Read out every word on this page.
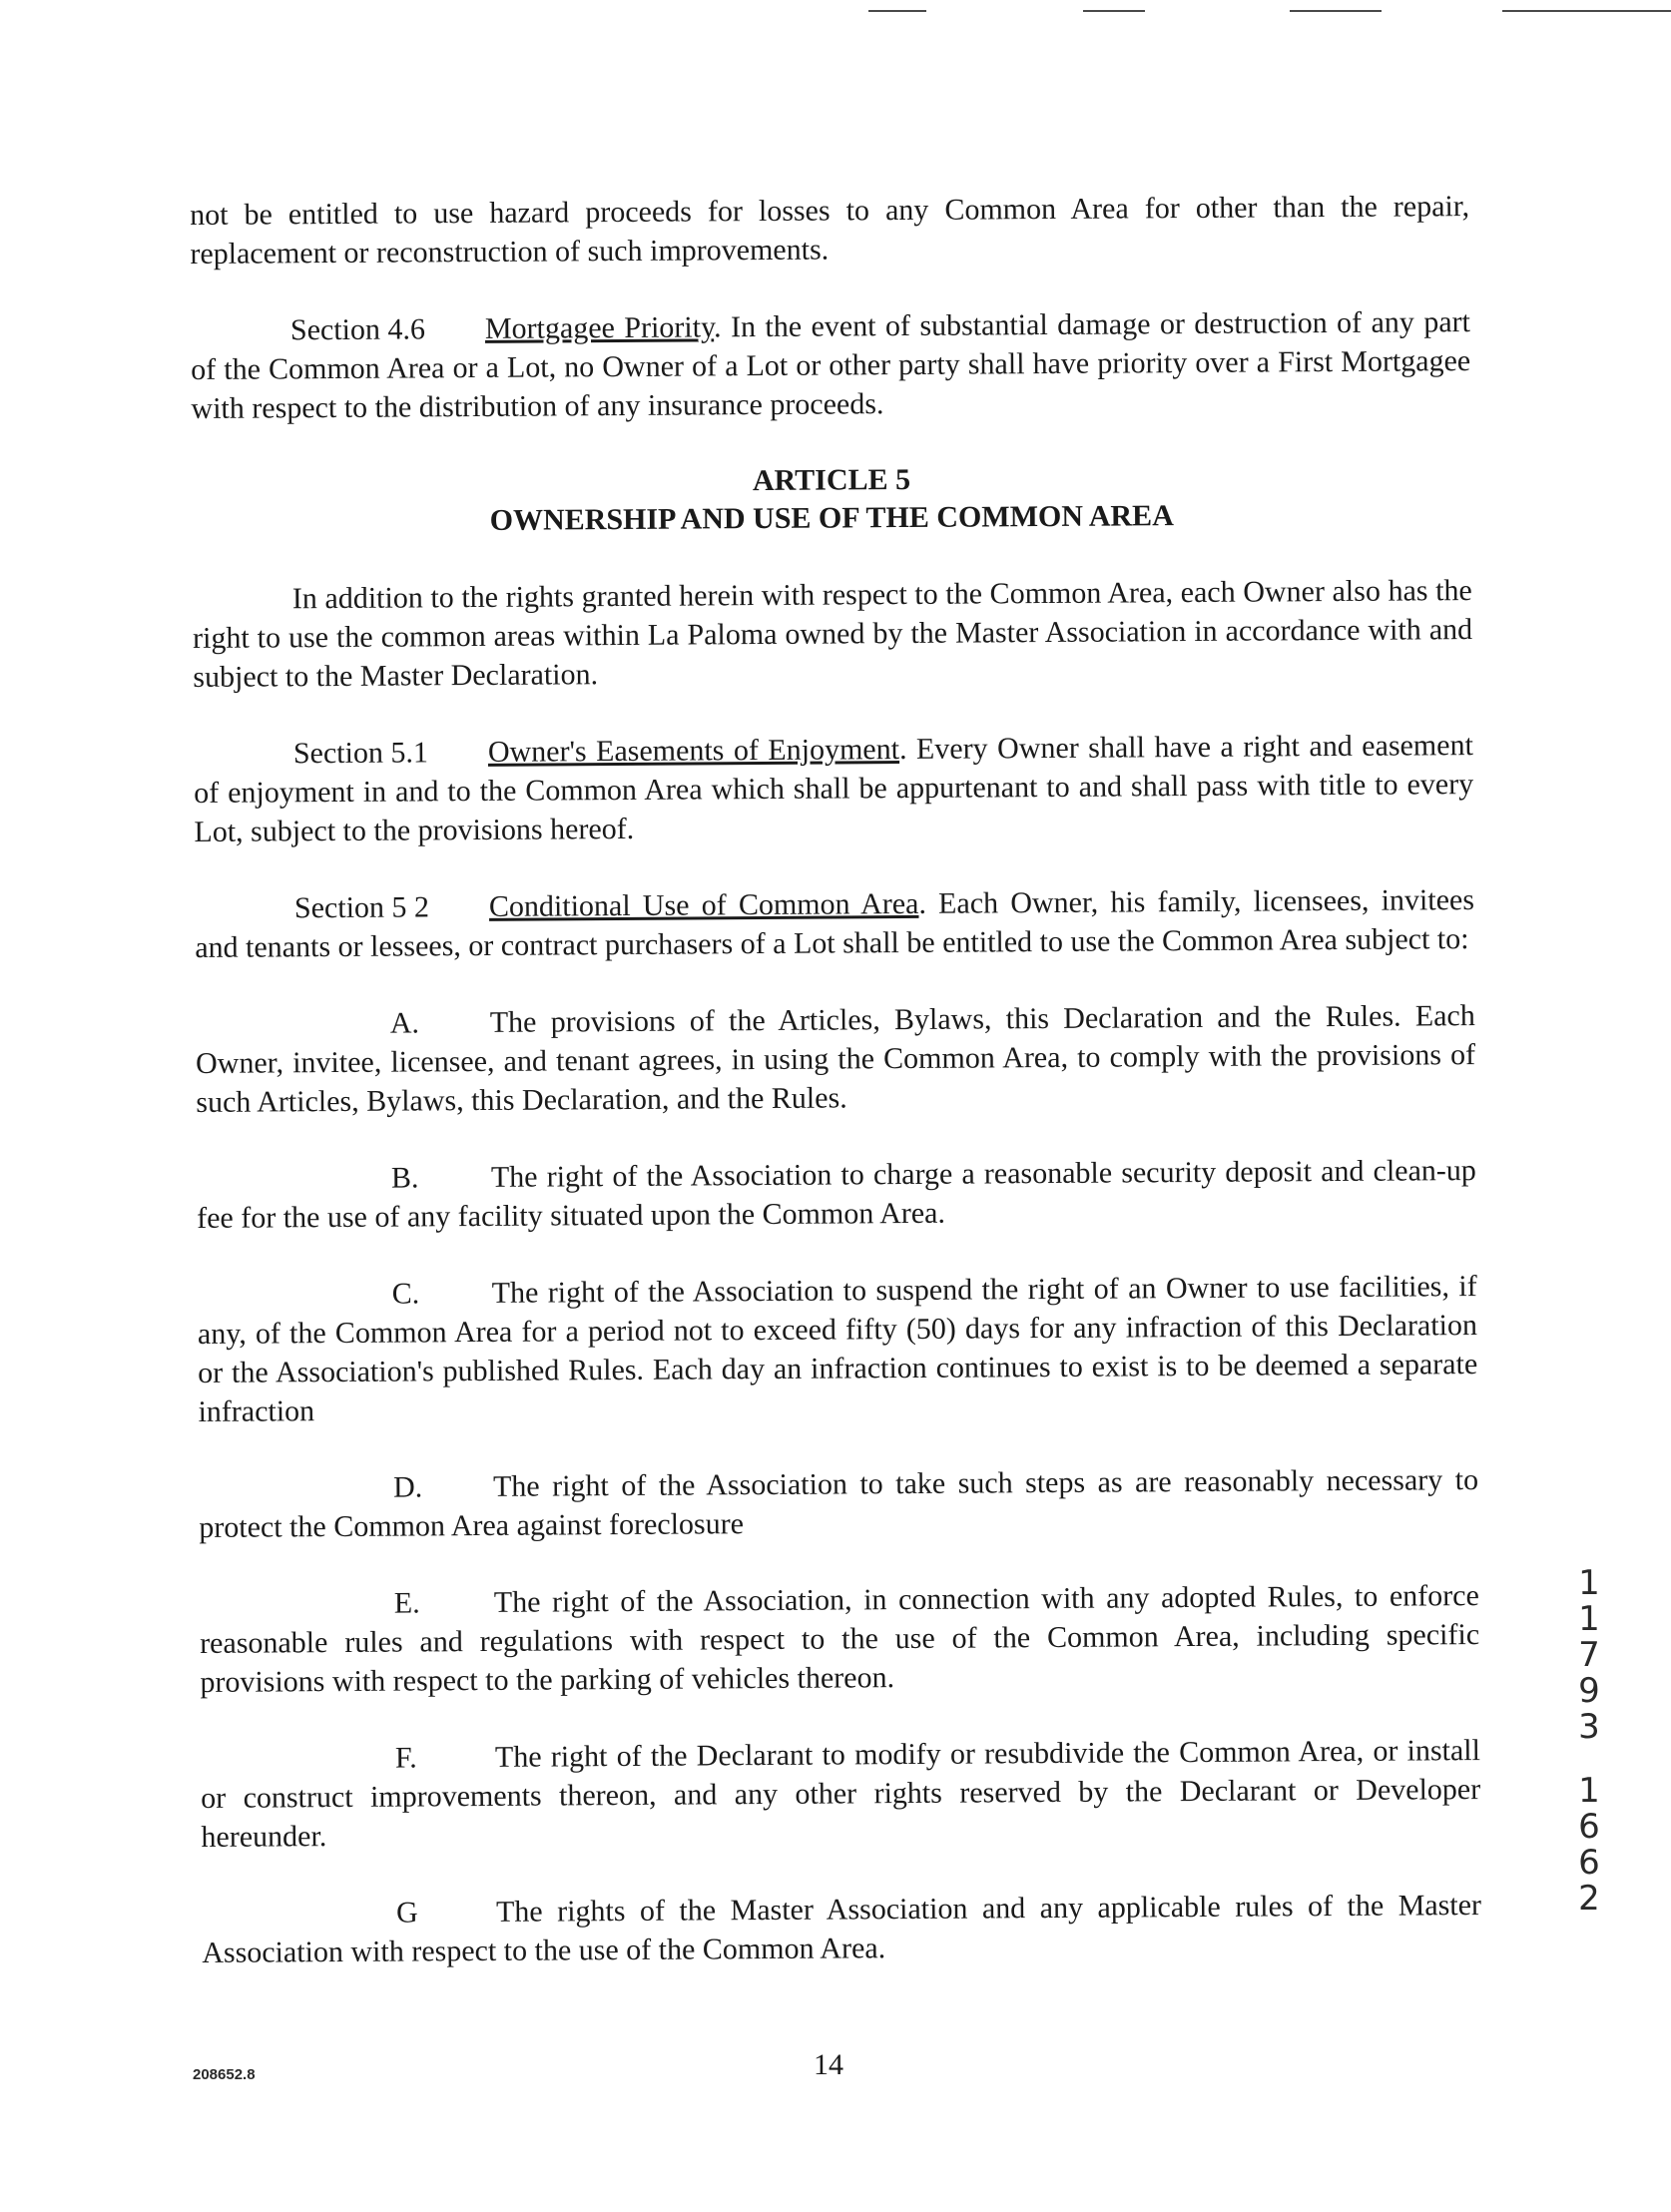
not be entitled to use hazard proceeds for losses to any Common Area for other than the repair, replacement or reconstruction of such improvements.

Section 4.6 Mortgagee Priority. In the event of substantial damage or destruction of any part of the Common Area or a Lot, no Owner of a Lot or other party shall have priority over a First Mortgagee with respect to the distribution of any insurance proceeds.

ARTICLE 5
OWNERSHIP AND USE OF THE COMMON AREA

In addition to the rights granted herein with respect to the Common Area, each Owner also has the right to use the common areas within La Paloma owned by the Master Association in accordance with and subject to the Master Declaration.

Section 5.1 Owner's Easements of Enjoyment. Every Owner shall have a right and easement of enjoyment in and to the Common Area which shall be appurtenant to and shall pass with title to every Lot, subject to the provisions hereof.

Section 5 2 Conditional Use of Common Area. Each Owner, his family, licensees, invitees and tenants or lessees, or contract purchasers of a Lot shall be entitled to use the Common Area subject to:

A. The provisions of the Articles, Bylaws, this Declaration and the Rules. Each Owner, invitee, licensee, and tenant agrees, in using the Common Area, to comply with the provisions of such Articles, Bylaws, this Declaration, and the Rules.

B. The right of the Association to charge a reasonable security deposit and clean-up fee for the use of any facility situated upon the Common Area.

C. The right of the Association to suspend the right of an Owner to use facilities, if any, of the Common Area for a period not to exceed fifty (50) days for any infraction of this Declaration or the Association's published Rules. Each day an infraction continues to exist is to be deemed a separate infraction

D. The right of the Association to take such steps as are reasonably necessary to protect the Common Area against foreclosure

E. The right of the Association, in connection with any adopted Rules, to enforce reasonable rules and regulations with respect to the use of the Common Area, including specific provisions with respect to the parking of vehicles thereon.

F.	The right of the Declarant to modify or resubdivide the Common Area, or install or construct improvements thereon, and any other rights reserved by the Declarant or Developer hereunder.

G	The rights of the Master Association and any applicable rules of the Master Association with respect to the use of the Common Area.

1
1
7
9
3
1
6
6
2
208652.8	14
